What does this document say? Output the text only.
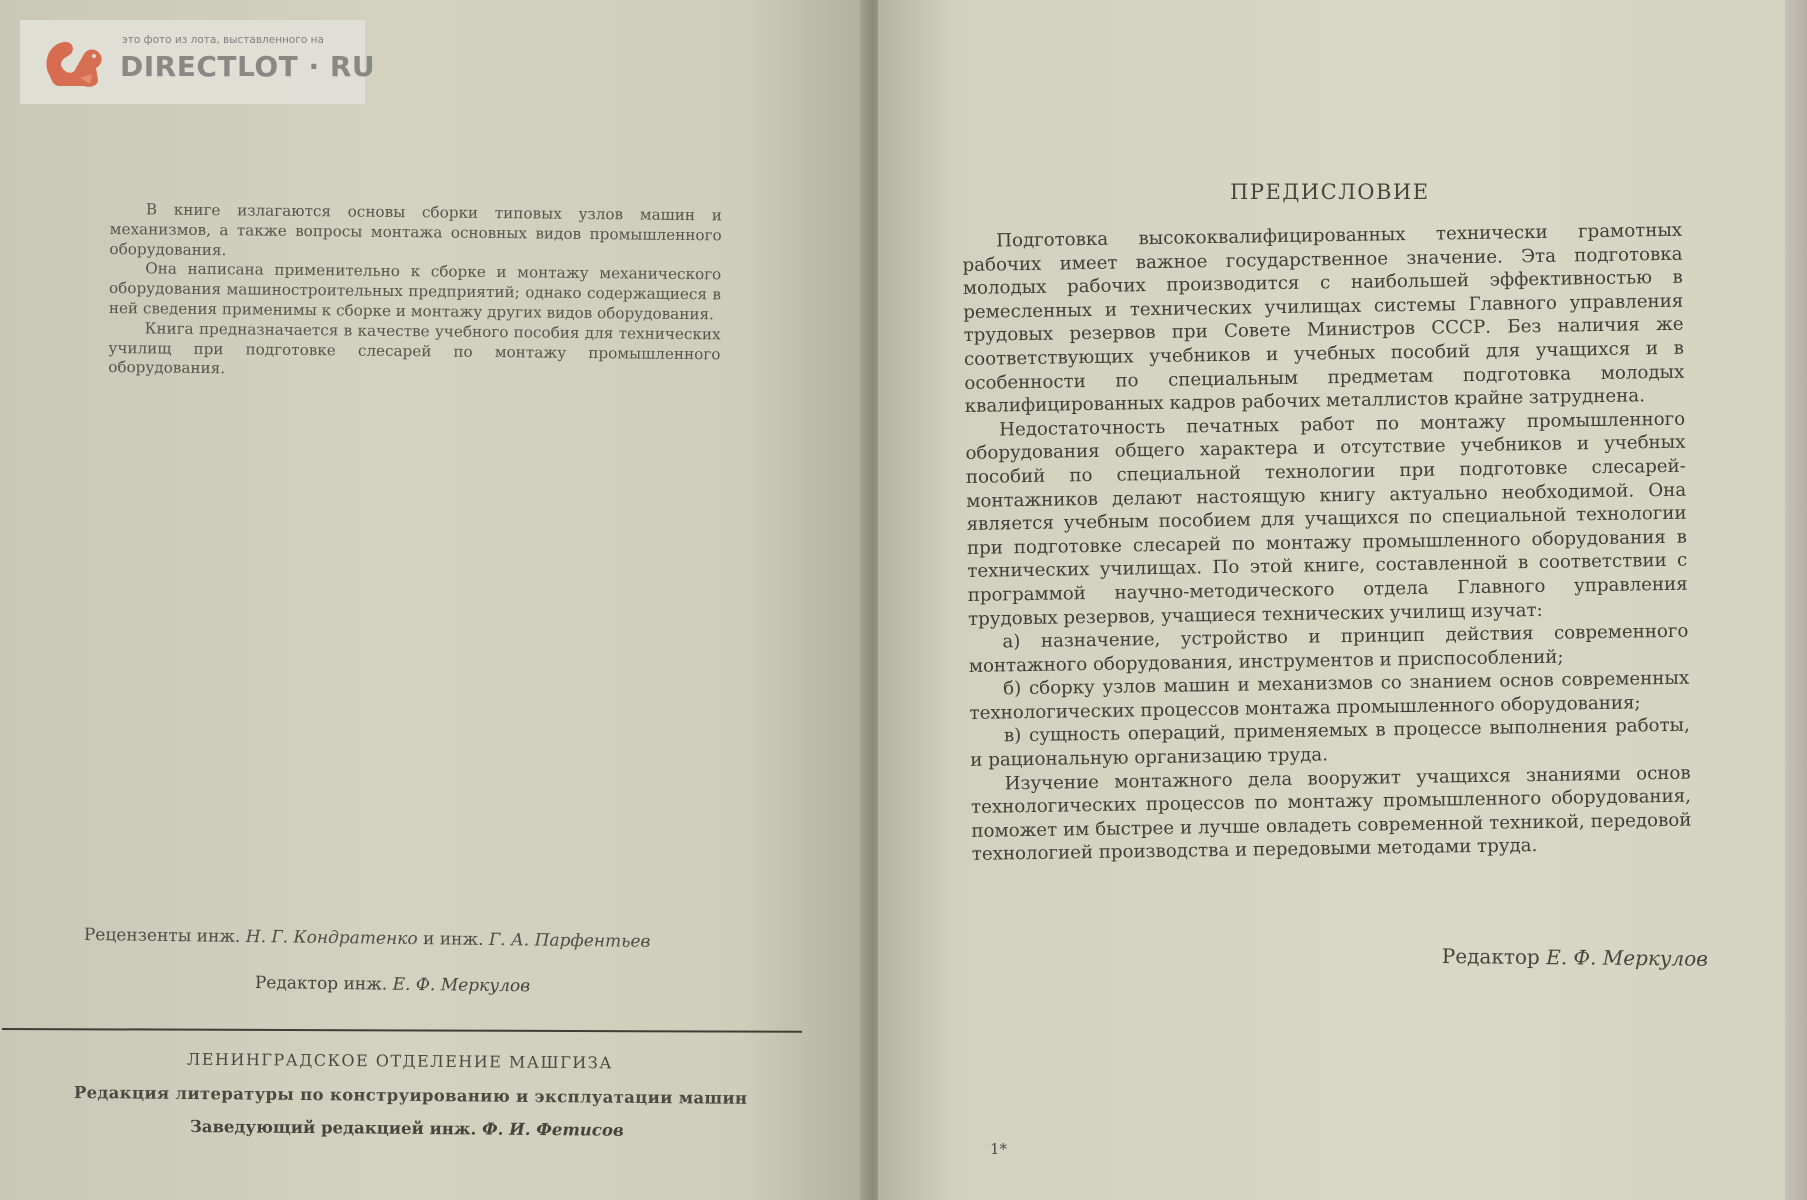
В книге излагаются основы сборки типовых узлов машин и механизмов, а также вопросы монтажа основных видов промышленного оборудования.

Она написана применительно к сборке и монтажу механического оборудования машиностроительных предприятий; однако содержащиеся в ней сведения применимы к сборке и монтажу других видов оборудования.

Книга предназначается в качестве учебного пособия для технических училищ при подготовке слесарей по монтажу промышленного оборудования.

Рецензенты инж. Н. Г. Кондратенко и инж. Г. А. Парфентьев
Редактор инж. Е. Ф. Меркулов
ЛЕНИНГРАДСКОЕ ОТДЕЛЕНИЕ МАШГИЗА
Редакция литературы по конструированию и эксплуатации машин
Заведующий редакцией инж. Ф. И. Фетисов
ПРЕДИСЛОВИЕ

Подготовка высококвалифицированных технически грамотных рабочих имеет важное государственное значение. Эта подготовка молодых рабочих производится с наибольшей эффективностью в ремесленных и технических училищах системы Главного управления трудовых резервов при Совете Министров СССР. Без наличия же соответствующих учебников и учебных пособий для учащихся и в особенности по специальным предметам подготовка молодых квалифицированных кадров рабочих металлистов крайне затруднена.

Недостаточность печатных работ по монтажу промышленного оборудования общего характера и отсутствие учебников и учебных пособий по специальной технологии при подготовке слесарей-монтажников делают настоящую книгу актуально необходимой. Она является учебным пособием для учащихся по специальной технологии при подготовке слесарей по монтажу промышленного оборудования в технических училищах. По этой книге, составленной в соответствии с программой научно-методического отдела Главного управления трудовых резервов, учащиеся технических училищ изучат:

а) назначение, устройство и принцип действия современного монтажного оборудования, инструментов и приспособлений;

б) сборку узлов машин и механизмов со знанием основ современных технологических процессов монтажа промышленного оборудования;

в) сущность операций, применяемых в процессе выполнения работы, и рациональную организацию труда.

Изучение монтажного дела вооружит учащихся знаниями основ технологических процессов по монтажу промышленного оборудования, поможет им быстрее и лучше овладеть современной техникой, передовой технологией производства и передовыми методами труда.

Редактор Е. Ф. Меркулов
1*
это фото из лота, выставленного на
DIRECTLOT · RU
